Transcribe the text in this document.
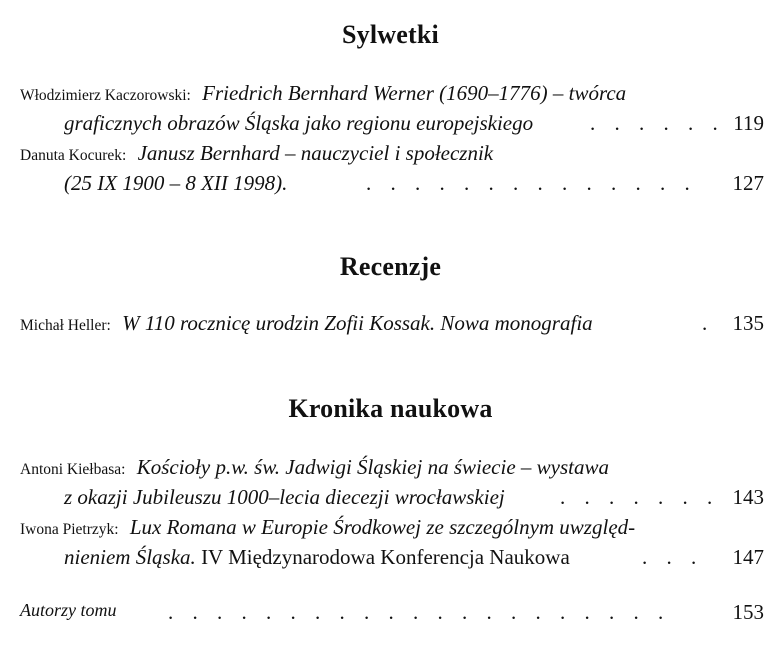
Sylwetki
Włodzimierz Kaczorowski: Friedrich Bernhard Werner (1690–1776) – twórca
graficznych obrazów Śląska jako regionu europejskiego	. . . . . . 119
Danuta Kocurek: Janusz Bernhard – nauczyciel i społecznik
(25 IX 1900 – 8 XII 1998).	. . . . . . . . . . . . . . 127
Recenzje
Michał Heller: W 110 rocznicę urodzin Zofii Kossak. Nowa monografia	. 135
Kronika naukowa
Antoni Kiełbasa: Kościoły p.w. św. Jadwigi Śląskiej na świecie – wystawa
z okazji Jubileuszu 1000–lecia diecezji wrocławskiej	. . . . . . . 143
Iwona Pietrzyk: Lux Romana w Europie Środkowej ze szczególnym uwzględ-
nieniem Śląska. IV Międzynarodowa Konferencja Naukowa	. . . 147
Autorzy tomu . . . . . . . . . . . . . . . . . . . . .	153
